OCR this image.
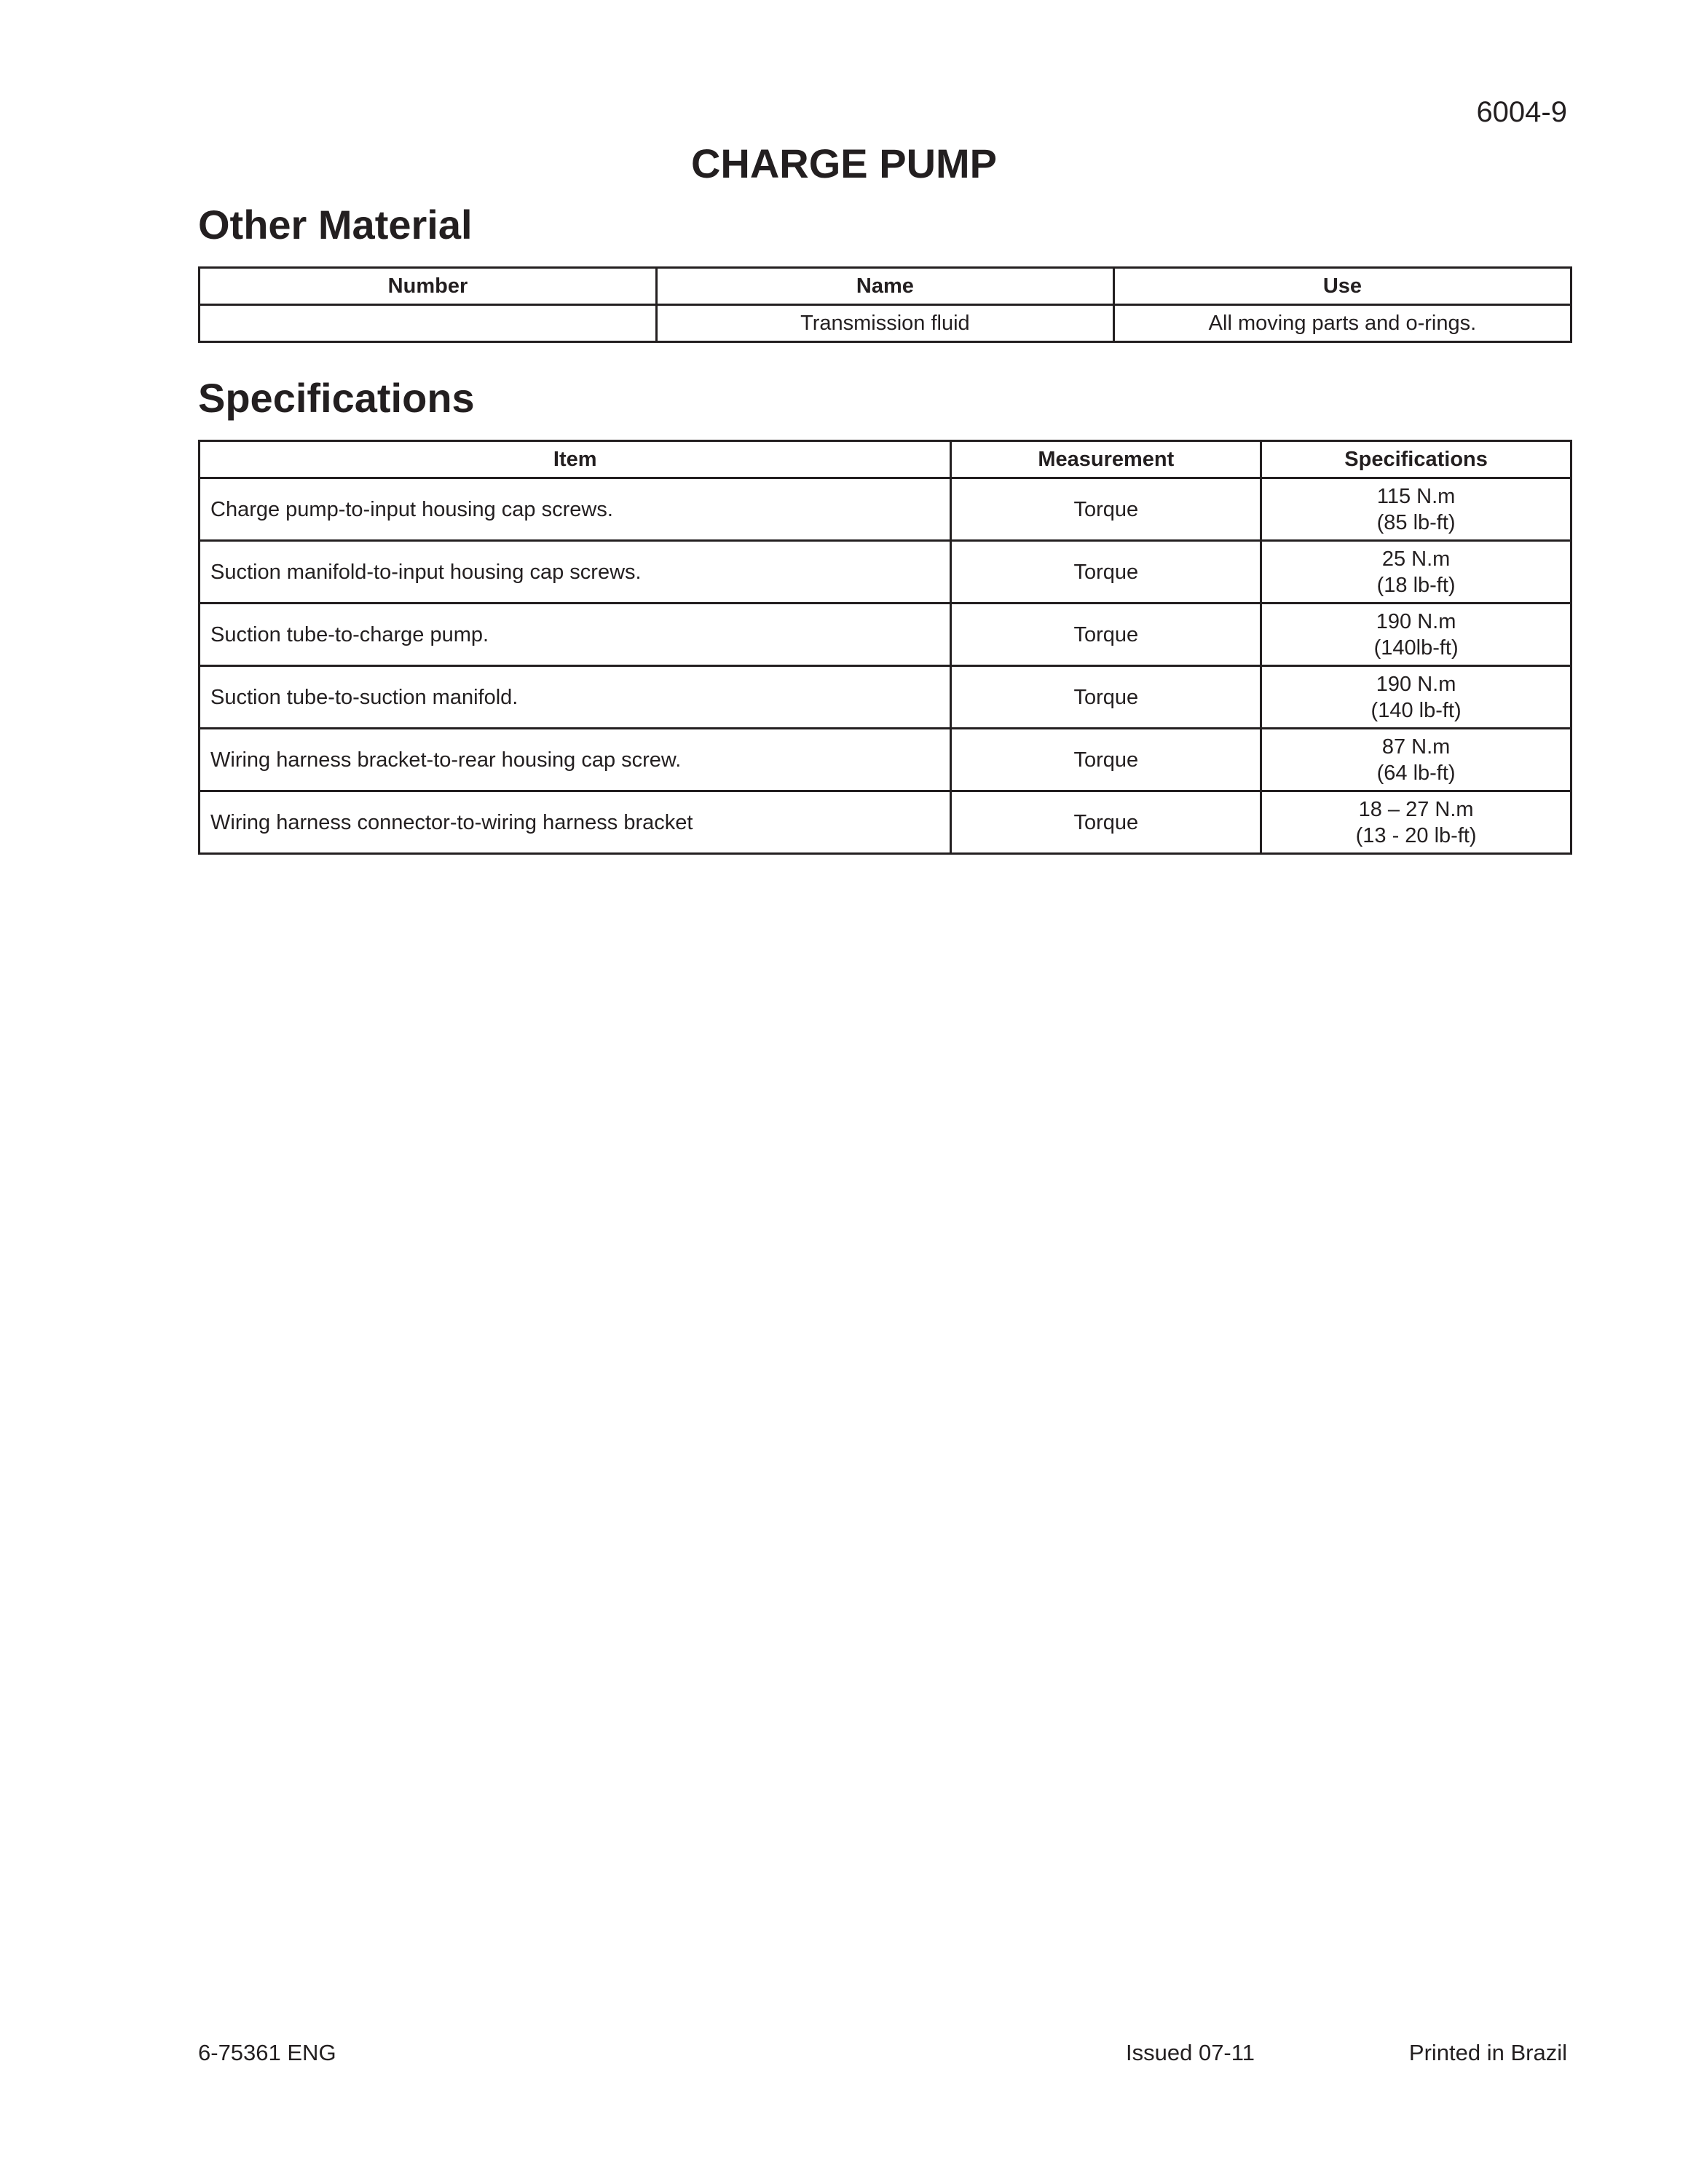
6004-9
CHARGE PUMP
Other Material
Number	Name	Use
	Transmission fluid	All moving parts and o-rings.
Specifications
Item	Measurement	Specifications
Charge pump-to-input housing cap screws.	Torque	115 N.m
(85 lb-ft)

Suction manifold-to-input housing cap screws.	Torque	25 N.m
(18 lb-ft)

Suction tube-to-charge pump.	Torque	190 N.m
(140lb-ft)

Suction tube-to-suction manifold.	Torque	190 N.m
(140 lb-ft)

Wiring harness bracket-to-rear housing cap screw.	Torque	87 N.m
(64 lb-ft)

Wiring harness connector-to-wiring harness bracket	Torque	18 – 27 N.m
(13 - 20 lb-ft)
6-75361 ENG	Issued 07-11	Printed in Brazil
